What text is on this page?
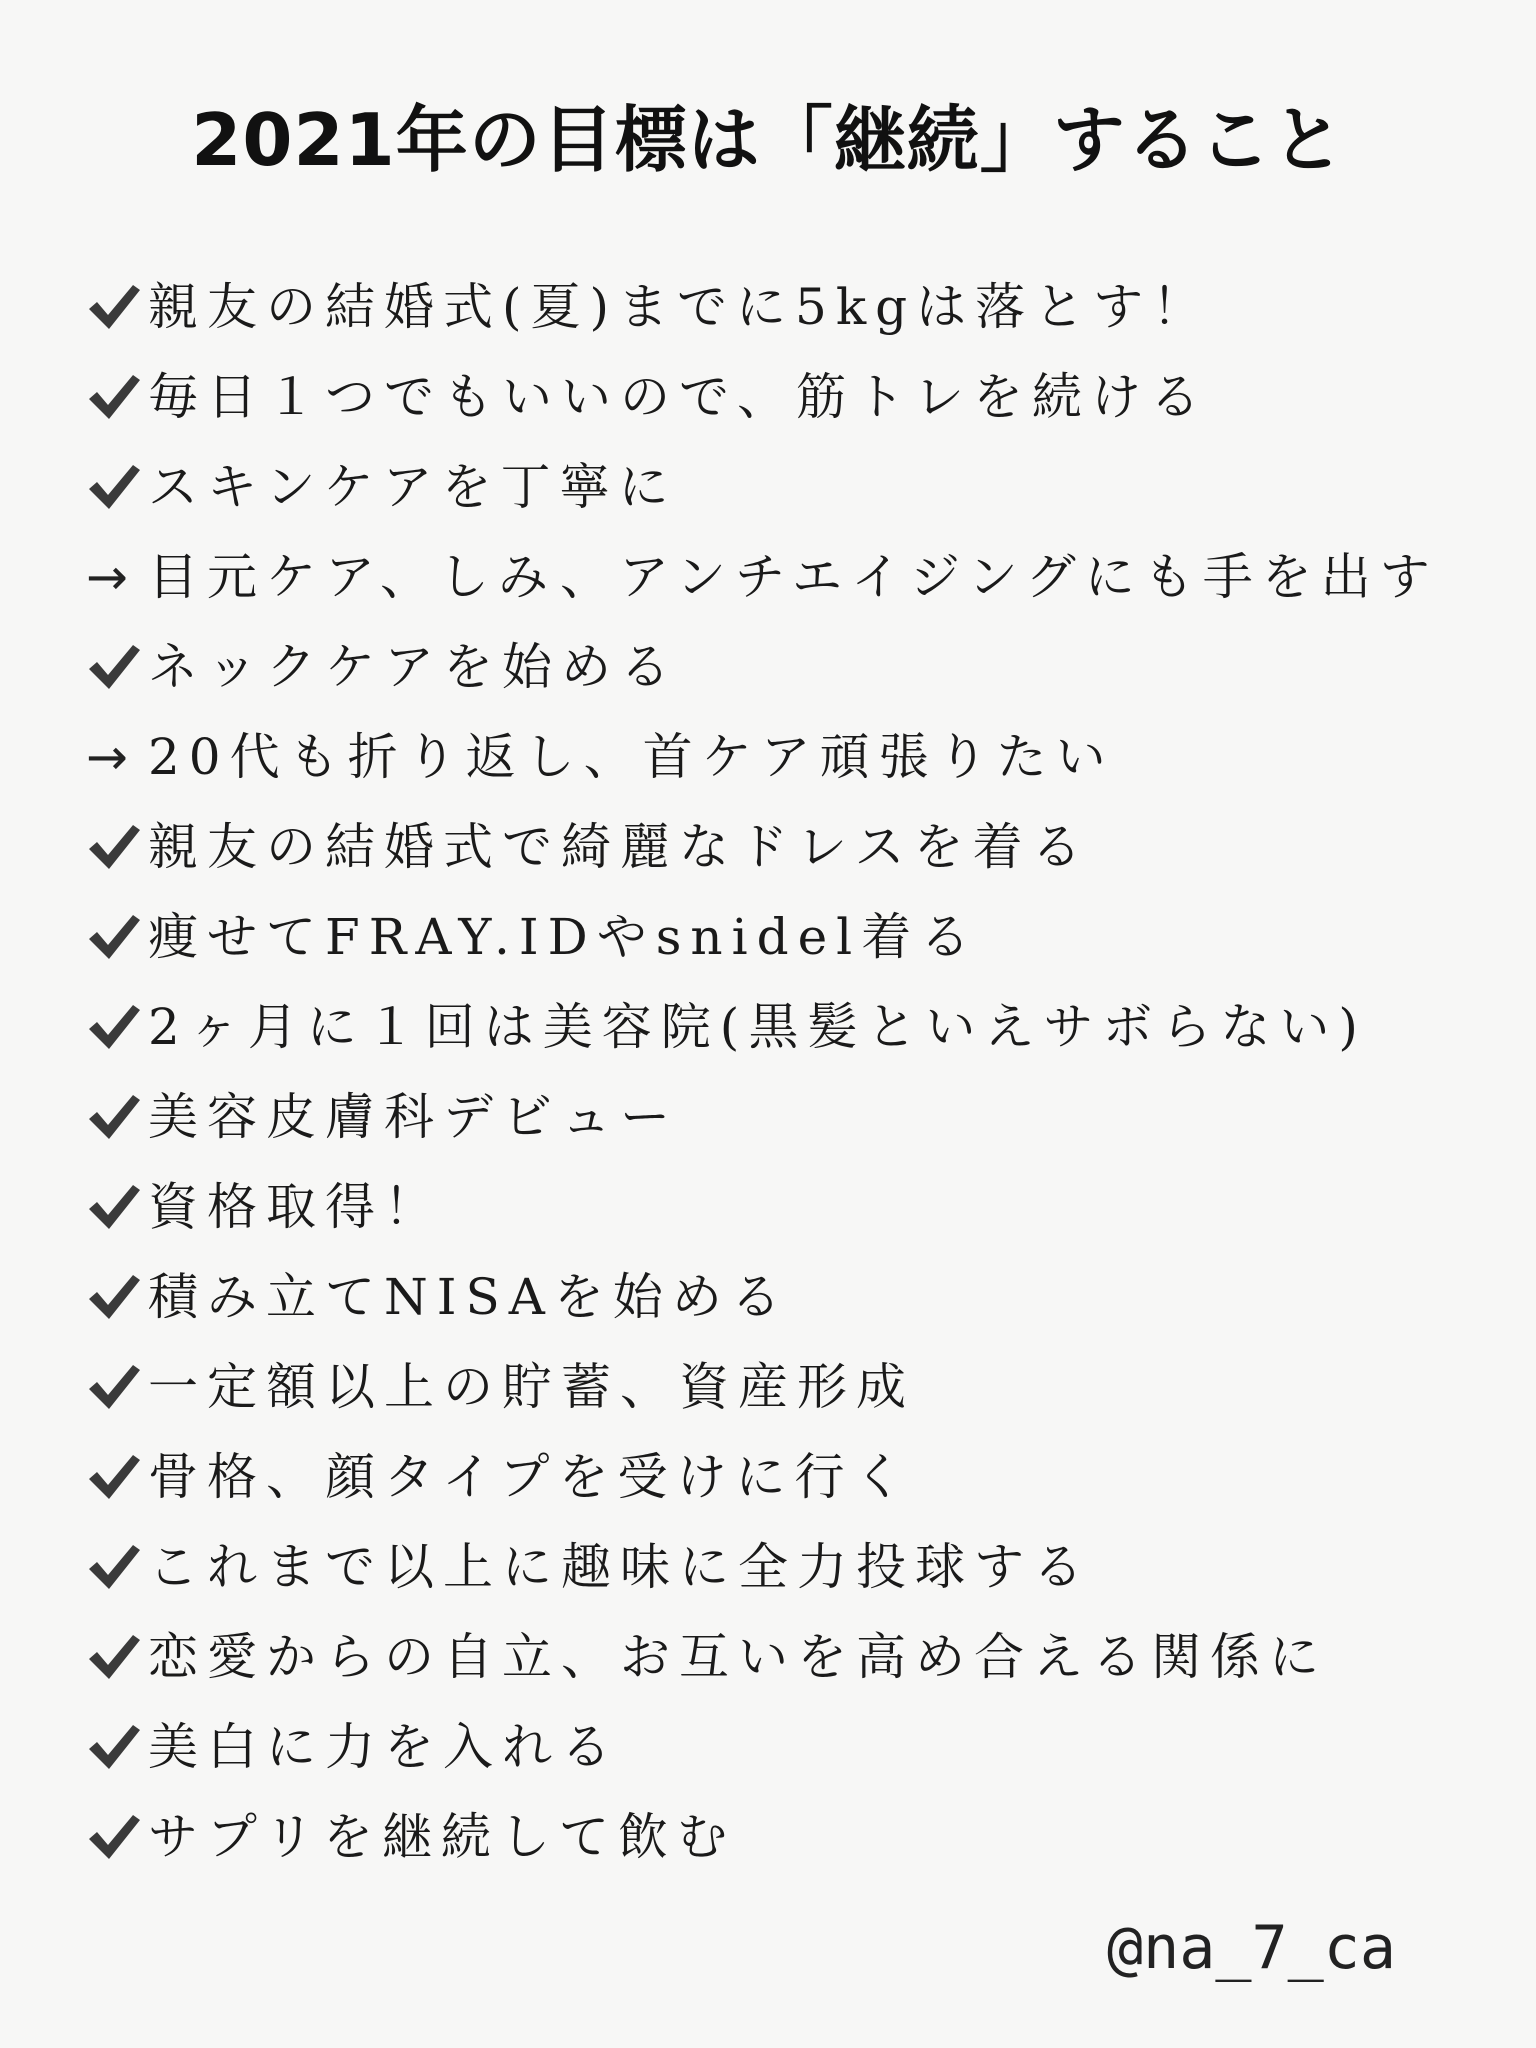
2021年の目標は「継続」すること
親友の結婚式(夏)までに5kgは落とす！
毎日１つでもいいので、筋トレを続ける
スキンケアを丁寧に
→ 目元ケア、しみ、アンチエイジングにも手を出す
ネックケアを始める
→ 20代も折り返し、首ケア頑張りたい
親友の結婚式で綺麗なドレスを着る
痩せてFRAY.IDやsnidel着る
2ヶ月に１回は美容院(黒髪といえサボらない)
美容皮膚科デビュー
資格取得！
積み立てNISAを始める
一定額以上の貯蓄、資産形成
骨格、顔タイプを受けに行く
これまで以上に趣味に全力投球する
恋愛からの自立、お互いを高め合える関係に
美白に力を入れる
サプリを継続して飲む
@na_7_ca
